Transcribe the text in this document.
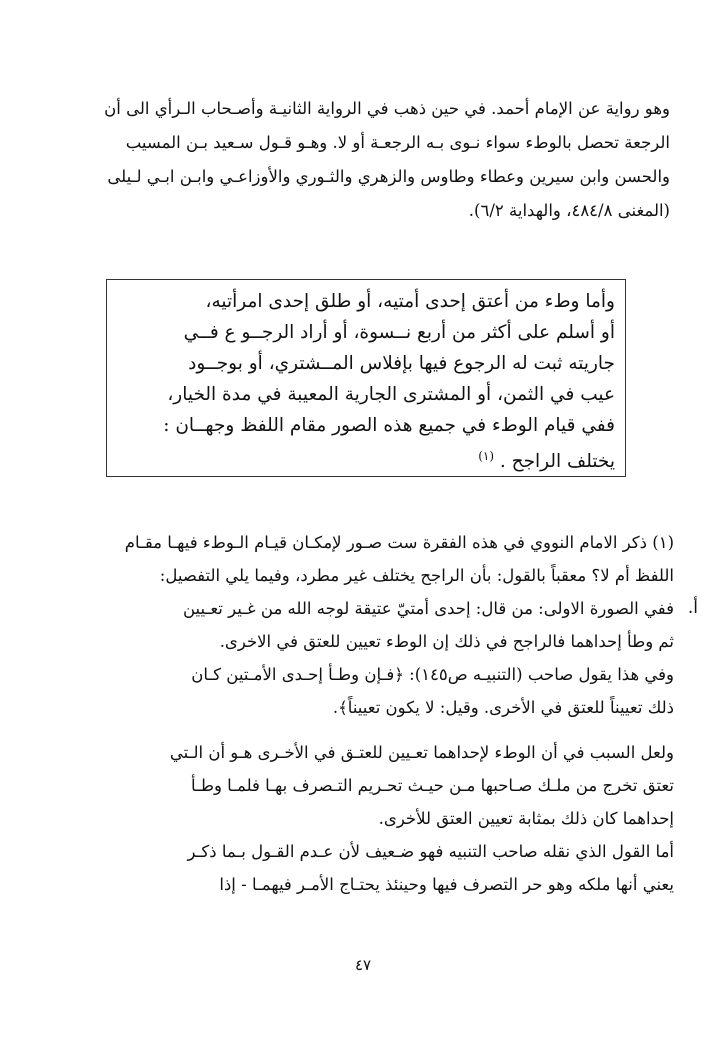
وهو رواية عن الإمام أحمد. في حين ذهب في الرواية الثانيـة وأصـحاب الـرأي الى أن
الرجعة تحصل بالوطء سواء نـوى بـه الرجعـة أو لا. وهـو قـول سـعيد بـن المسيب
والحسن وابن سيرين وعطاء وطاوس والزهري والثـوري والأوزاعـي وابـن ابـي لـيلى
(المغنى ٤٨٤/٨، والهداية ٦/٢).
وأما وطء من أعتق إحدى أمتيه، أو طلق إحدى امرأتيه،
أو أسلم على أكثر من أربع نــسوة، أو أراد الرجــو ع فــي
جاريته ثبت له الرجوع فيها بإفلاس المــشتري، أو بوجــود
عيب في الثمن، أو المشترى الجارية المعيبة في مدة الخيار،
ففي قيام الوطء في جميع هذه الصور مقام اللفظ وجهــان :
يختلف الراجح . $^{(١)}$
(١) ذكر الامام النووي في هذه الفقرة ست صـور لإمكـان قيـام الـوطء فيهـا مقـام
اللفظ أم لا؟ معقباً بالقول: بأن الراجح يختلف غير مطرد، وفيما يلي التفصيل:
أ.
ففي الصورة الاولى: من قال: إحدى أمتيّ عتيقة لوجه الله من غـير تعـيين
ثم وطأ إحداهما فالراجح في ذلك إن الوطء تعيين للعتق في الاخرى.
وفي هذا يقول صاحب (التنبيـه ص١٤٥): ﴿فـإن وطـأ إحـدى الأمـتين كـان
ذلك تعييناً للعتق في الأخرى. وقيل: لا يكون تعييناً﴾.
ولعل السبب في أن الوطء لإحداهما تعـيين للعتـق في الأخـرى هـو أن الـتي
تعتق تخرج من ملـك صـاحبها مـن حيـث تحـريم التـصرف بهـا فلمـا وطـأ
إحداهما كان ذلك بمثابة تعيين العتق للأخرى.
أما القول الذي نقله صاحب التنبيه فهو ضـعيف لأن عـدم القـول بـما ذكـر
يعني أنها ملكه وهو حر التصرف فيها وحينئذ يحتـاج الأمـر فيهمـا - إذا
٤٧
